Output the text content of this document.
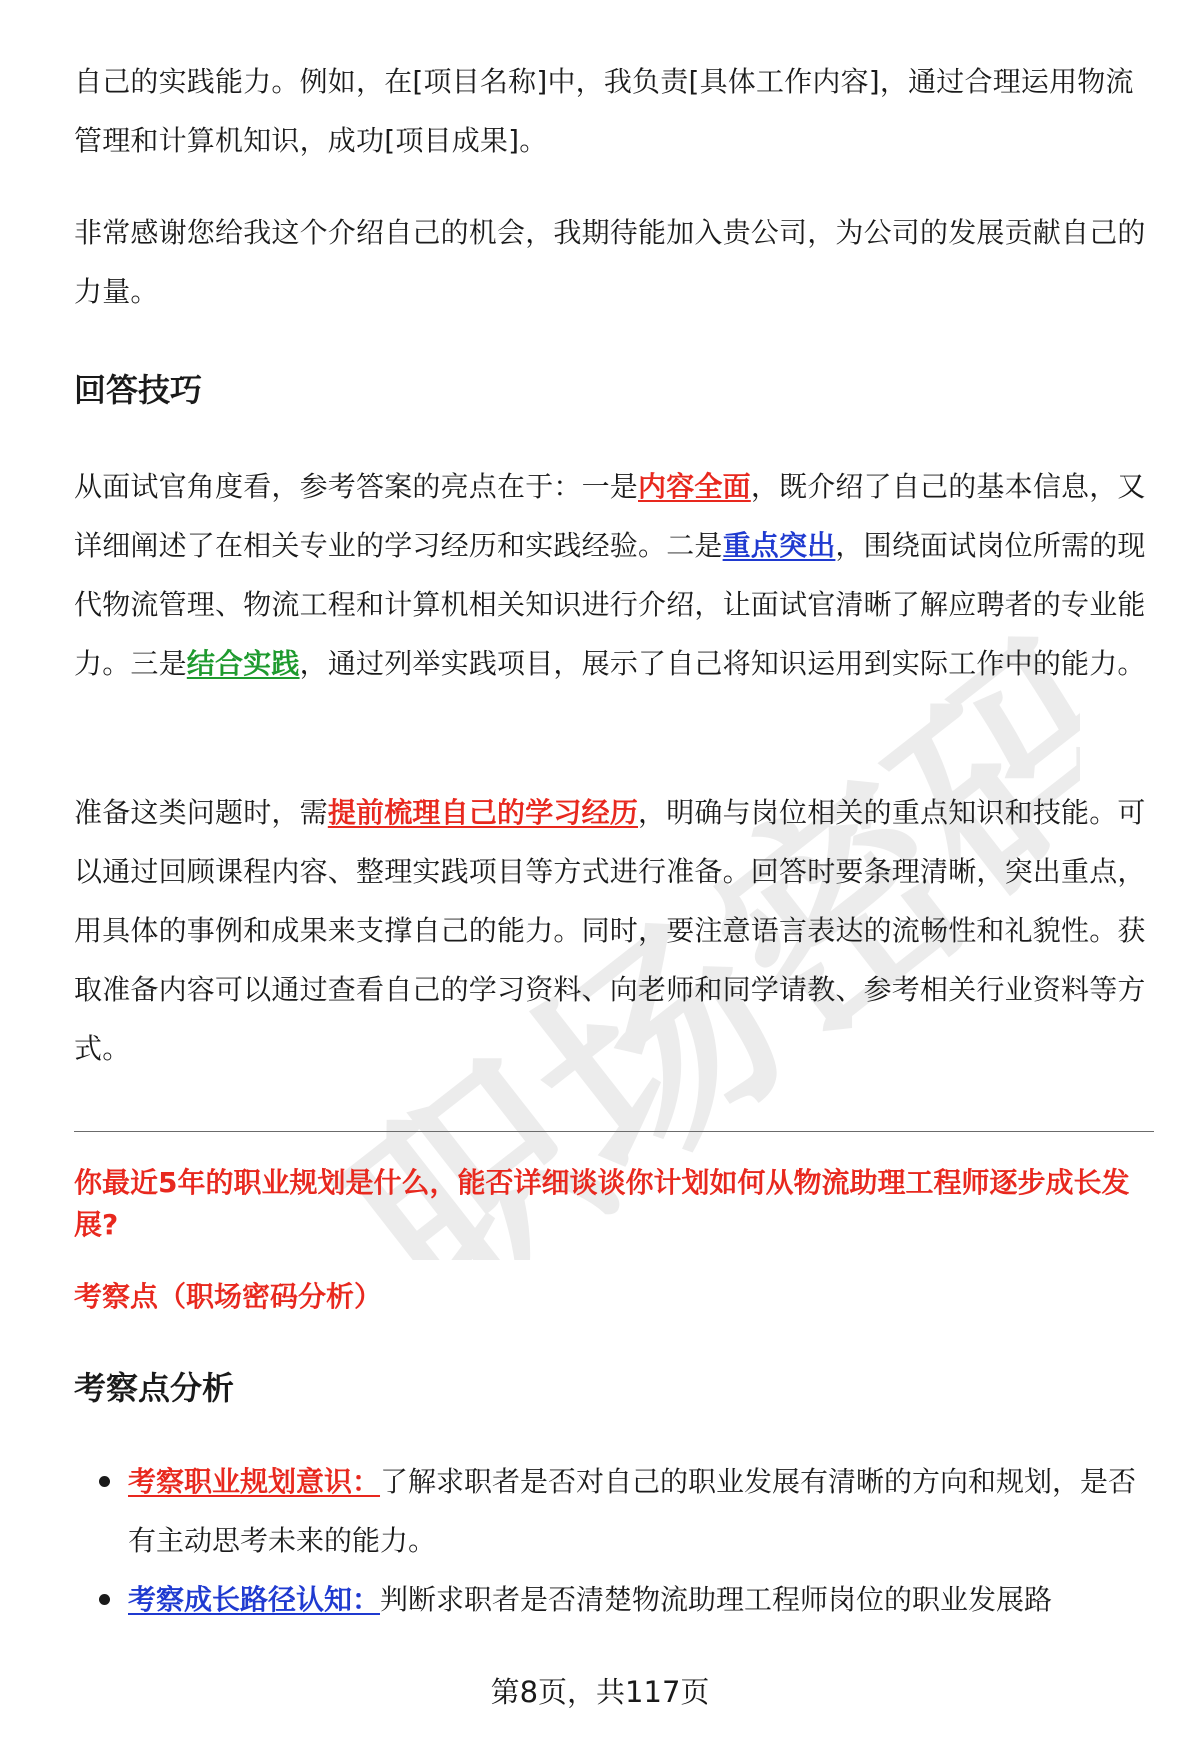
职场密码

自己的实践能力。例如，在[项目名称]中，我负责[具体工作内容]，通过合理运用物流管理和计算机知识，成功[项目成果]。

非常感谢您给我这个介绍自己的机会，我期待能加入贵公司，为公司的发展贡献自己的力量。

回答技巧

从面试官角度看，参考答案的亮点在于：一是内容全面，既介绍了自己的基本信息，又详细阐述了在相关专业的学习经历和实践经验。二是重点突出，围绕面试岗位所需的现代物流管理、物流工程和计算机相关知识进行介绍，让面试官清晰了解应聘者的专业能力。三是结合实践，通过列举实践项目，展示了自己将知识运用到实际工作中的能力。

准备这类问题时，需提前梳理自己的学习经历，明确与岗位相关的重点知识和技能。可以通过回顾课程内容、整理实践项目等方式进行准备。回答时要条理清晰，突出重点，用具体的事例和成果来支撑自己的能力。同时，要注意语言表达的流畅性和礼貌性。获取准备内容可以通过查看自己的学习资料、向老师和同学请教、参考相关行业资料等方式。

你最近5年的职业规划是什么，能否详细谈谈你计划如何从物流助理工程师逐步成长发展?

考察点（职场密码分析）

考察点分析
考察职业规划意识：了解求职者是否对自己的职业发展有清晰的方向和规划，是否有主动思考未来的能力。
考察成长路径认知：判断求职者是否清楚物流助理工程师岗位的职业发展路
第8页，共117页
